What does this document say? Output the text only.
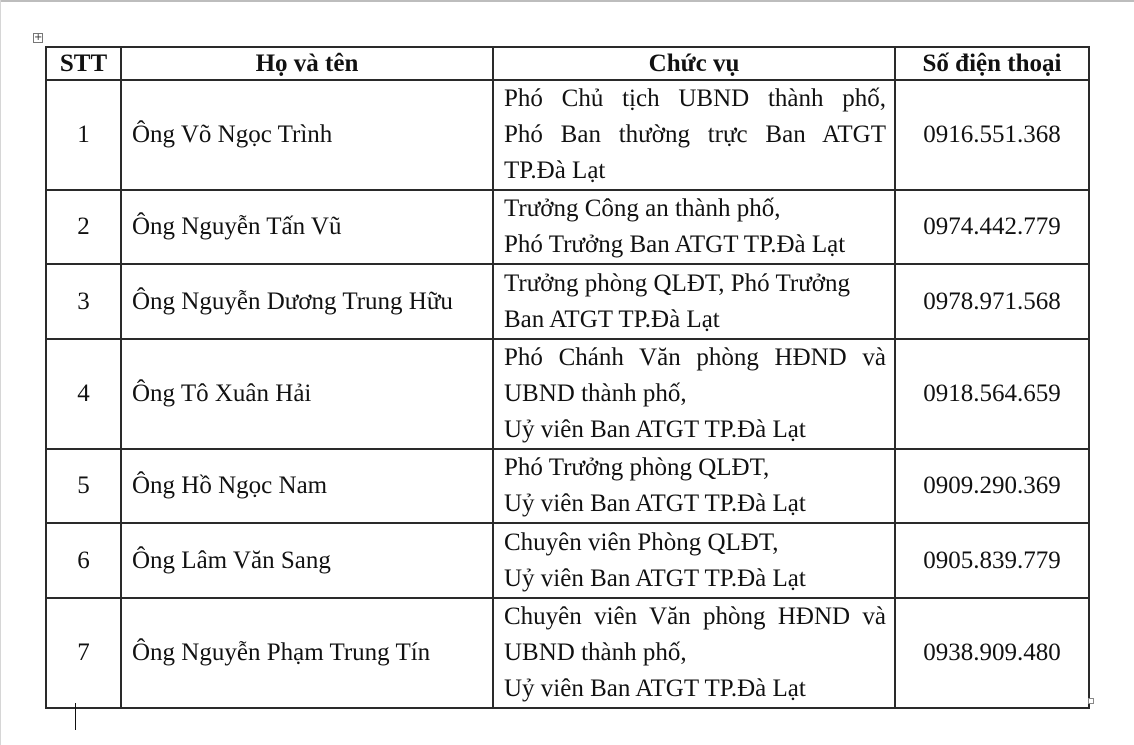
+
STT	Họ và tên	Chức vụ	Số điện thoại
1	Ông Võ Ngọc Trình	Phó Chủ tịch UBND thành phố,
Phó Ban thường trực Ban ATGT
TP.Đà Lạt	0916.551.368
2	Ông Nguyễn Tấn Vũ	Trưởng Công an thành phố,
Phó Trưởng Ban ATGT TP.Đà Lạt	0974.442.779
3	Ông Nguyễn Dương Trung Hữu	Trưởng phòng QLĐT, Phó Trưởng
Ban ATGT TP.Đà Lạt	0978.971.568
4	Ông Tô Xuân Hải	Phó Chánh Văn phòng HĐND và
UBND thành phố,
Uỷ viên Ban ATGT TP.Đà Lạt	0918.564.659
5	Ông Hồ Ngọc Nam	Phó Trưởng phòng QLĐT,
Uỷ viên Ban ATGT TP.Đà Lạt	0909.290.369
6	Ông Lâm Văn Sang	Chuyên viên Phòng QLĐT,
Uỷ viên Ban ATGT TP.Đà Lạt	0905.839.779
7	Ông Nguyễn Phạm Trung Tín	Chuyên viên Văn phòng HĐND và
UBND thành phố,
Uỷ viên Ban ATGT TP.Đà Lạt	0938.909.480
